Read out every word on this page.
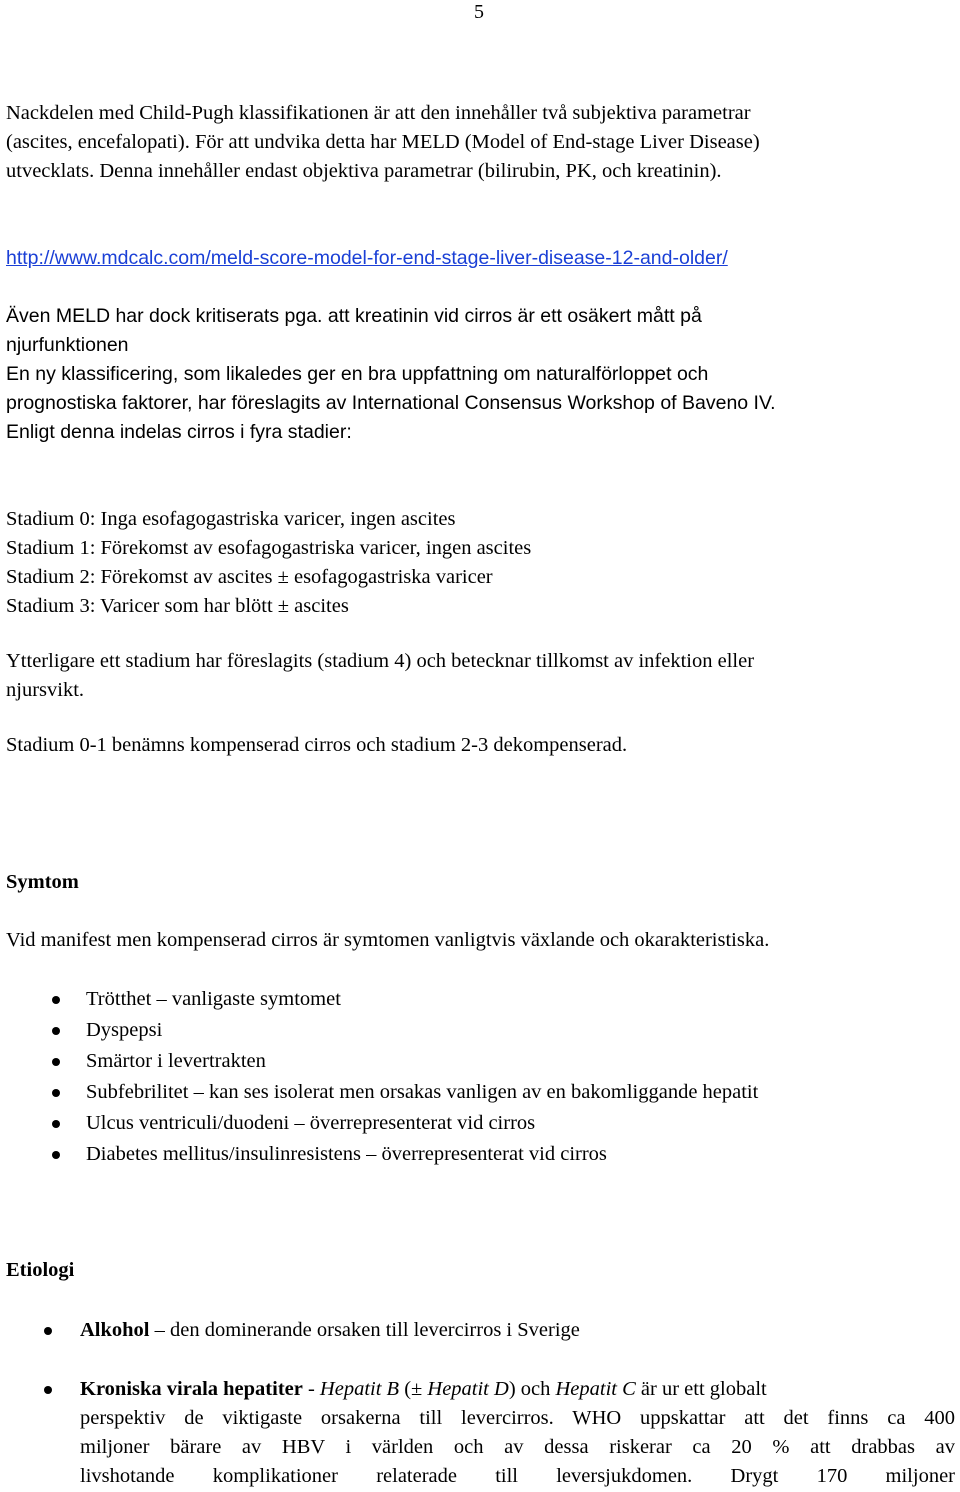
5
Nackdelen med Child-Pugh klassifikationen är att den innehåller två subjektiva parametrar
(ascites, encefalopati). För att undvika detta har MELD (Model of End-stage Liver Disease)
utvecklats. Denna innehåller endast objektiva parametrar (bilirubin, PK, och kreatinin).
http://www.mdcalc.com/meld-score-model-for-end-stage-liver-disease-12-and-older/
Även MELD har dock kritiserats pga. att kreatinin vid cirros är ett osäkert mått på
njurfunktionen
En ny klassificering, som likaledes ger en bra uppfattning om naturalförloppet och
prognostiska faktorer, har föreslagits av International Consensus Workshop of Baveno IV.
Enligt denna indelas cirros i fyra stadier:
Stadium 0: Inga esofagogastriska varicer, ingen ascites
Stadium 1: Förekomst av esofagogastriska varicer, ingen ascites
Stadium 2: Förekomst av ascites ± esofagogastriska varicer
Stadium 3: Varicer som har blött ± ascites
Ytterligare ett stadium har föreslagits (stadium 4) och betecknar tillkomst av infektion eller
njursvikt.
Stadium 0-1 benämns kompenserad cirros och stadium 2-3 dekompenserad.
Symtom
Vid manifest men kompenserad cirros är symtomen vanligtvis växlande och okarakteristiska.
Trötthet – vanligaste symtomet
Dyspepsi
Smärtor i levertrakten
Subfebrilitet – kan ses isolerat men orsakas vanligen av en bakomliggande hepatit
Ulcus ventriculi/duodeni – överrepresenterat vid cirros
Diabetes mellitus/insulinresistens – överrepresenterat vid cirros
Etiologi
Alkohol – den dominerande orsaken till levercirros i Sverige
Kroniska virala hepatiter - Hepatit B (± Hepatit D) och Hepatit C är ur ett globalt
perspektiv de viktigaste orsakerna till levercirros. WHO uppskattar att det finns ca 400
miljoner bärare av HBV i världen och av dessa riskerar ca 20 % att drabbas av
livshotande komplikationer relaterade till leversjukdomen. Drygt 170 miljoner
